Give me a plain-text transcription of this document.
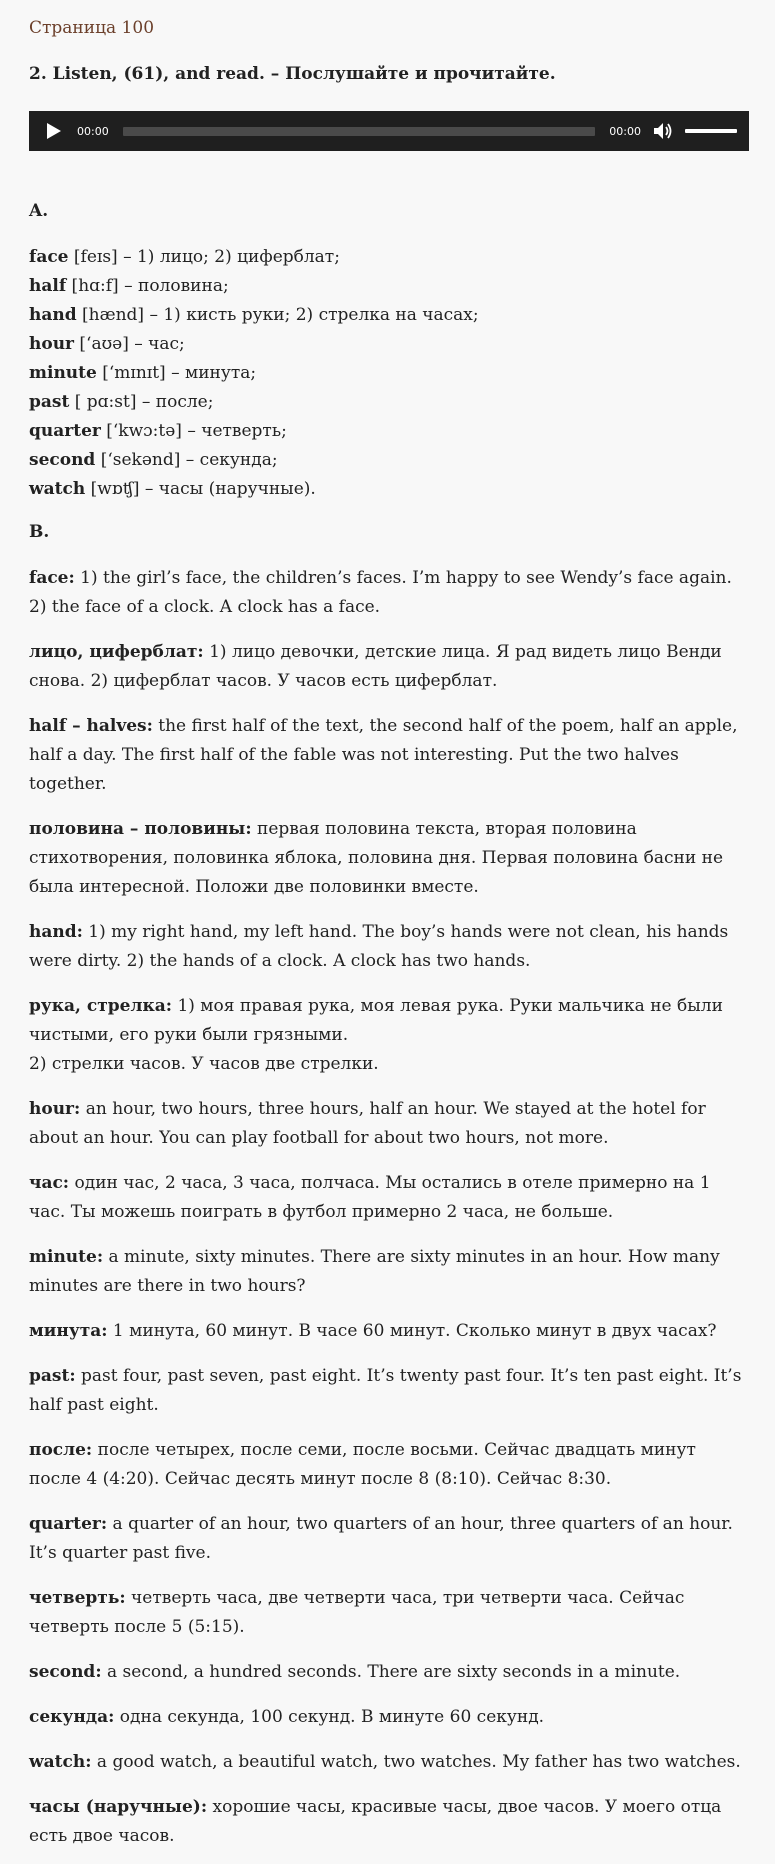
Страница 100

2. Listen, (61), and read. – Послушайте и прочитайте.

00:00	00:00

A.

face [feɪs] – 1) лицо; 2) циферблат;
half [hɑ:f] – половина;
hand [hænd] – 1) кисть руки; 2) стрелка на часах;
hour [‘aʊə] – час;
minute [‘mɪnɪt] – минута;
past [ pɑ:st] – после;
quarter [‘kwɔ:tə] – четверть;
second [‘sekənd] – секунда;
watch [wɒʧ] – часы (наручные).

B.

face: 1) the girl’s face, the children’s faces. I’m happy to see Wendy’s face again. 2) the face of a clock. A clock has a face.

лицо, циферблат: 1) лицо девочки, детские лица. Я рад видеть лицо Венди снова. 2) циферблат часов. У часов есть циферблат.

half – halves: the first half of the text, the second half of the poem, half an apple, half a day. The first half of the fable was not interesting. Put the two halves together.

половина – половины: первая половина текста, вторая половина стихотворения, половинка яблока, половина дня. Первая половина басни не была интересной. Положи две половинки вместе.

hand: 1) my right hand, my left hand. The boy’s hands were not clean, his hands were dirty. 2) the hands of a clock. A clock has two hands.

рука, стрелка: 1) моя правая рука, моя левая рука. Руки мальчика не были чистыми, его руки были грязными.
2) стрелки часов. У часов две стрелки.

hour: an hour, two hours, three hours, half an hour. We stayed at the hotel for about an hour. You can play football for about two hours, not more.

час: один час, 2 часа, 3 часа, полчаса. Мы остались в отеле примерно на 1 час. Ты можешь поиграть в футбол примерно 2 часа, не больше.

minute: a minute, sixty minutes. There are sixty minutes in an hour. How many minutes are there in two hours?

минута: 1 минута, 60 минут. В часе 60 минут. Сколько минут в двух часах?

past: past four, past seven, past eight. It’s twenty past four. It’s ten past eight. It’s half past eight.

после: после четырех, после семи, после восьми. Сейчас двадцать минут после 4 (4:20). Сейчас десять минут после 8 (8:10). Сейчас 8:30.

quarter: a quarter of an hour, two quarters of an hour, three quarters of an hour. It’s quarter past five.

четверть: четверть часа, две четверти часа, три четверти часа. Сейчас четверть после 5 (5:15).

second: a second, a hundred seconds. There are sixty seconds in a minute.

секунда: одна секунда, 100 секунд. В минуте 60 секунд.

watch: a good watch, a beautiful watch, two watches. My father has two watches.

часы (наручные): хорошие часы, красивые часы, двое часов. У моего отца есть двое часов.
